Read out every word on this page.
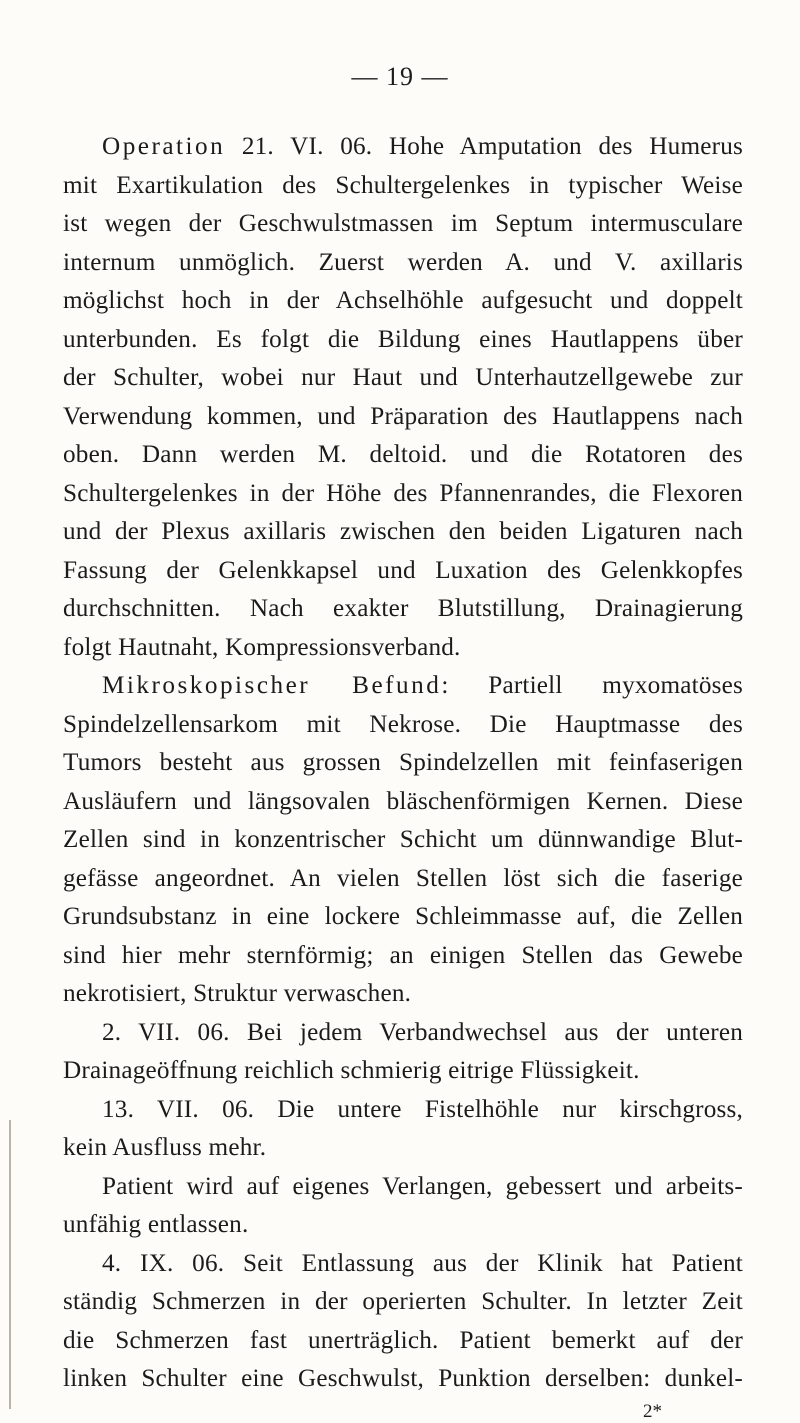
— 19 —
Operation 21. VI. 06. Hohe Amputation des Humerus
mit Exartikulation des Schultergelenkes in typischer Weise
ist wegen der Geschwulstmassen im Septum intermusculare
internum unmöglich. Zuerst werden A. und V. axillaris
möglichst hoch in der Achselhöhle aufgesucht und doppelt
unterbunden. Es folgt die Bildung eines Hautlappens über
der Schulter, wobei nur Haut und Unterhautzellgewebe zur
Verwendung kommen, und Präparation des Hautlappens nach
oben. Dann werden M. deltoid. und die Rotatoren des
Schultergelenkes in der Höhe des Pfannenrandes, die Flexoren
und der Plexus axillaris zwischen den beiden Ligaturen nach
Fassung der Gelenkkapsel und Luxation des Gelenkkopfes
durchschnitten. Nach exakter Blutstillung, Drainagierung
folgt Hautnaht, Kompressionsverband.
Mikroskopischer Befund: Partiell myxomatöses
Spindelzellensarkom mit Nekrose. Die Hauptmasse des
Tumors besteht aus grossen Spindelzellen mit feinfaserigen
Ausläufern und längsovalen bläschenförmigen Kernen. Diese
Zellen sind in konzentrischer Schicht um dünnwandige Blut-
gefässe angeordnet. An vielen Stellen löst sich die faserige
Grundsubstanz in eine lockere Schleimmasse auf, die Zellen
sind hier mehr sternförmig; an einigen Stellen das Gewebe
nekrotisiert, Struktur verwaschen.
2. VII. 06. Bei jedem Verbandwechsel aus der unteren
Drainageöffnung reichlich schmierig eitrige Flüssigkeit.
13. VII. 06. Die untere Fistelhöhle nur kirschgross,
kein Ausfluss mehr.
Patient wird auf eigenes Verlangen, gebessert und arbeits-
unfähig entlassen.
4. IX. 06. Seit Entlassung aus der Klinik hat Patient
ständig Schmerzen in der operierten Schulter. In letzter Zeit
die Schmerzen fast unerträglich. Patient bemerkt auf der
linken Schulter eine Geschwulst, Punktion derselben: dunkel-
2*
